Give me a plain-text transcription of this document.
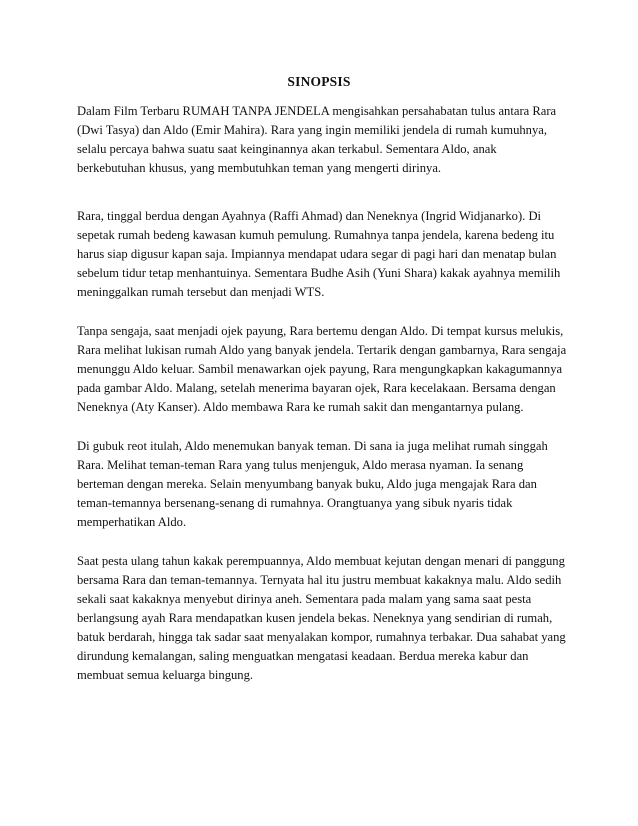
SINOPSIS
Dalam Film Terbaru RUMAH TANPA JENDELA mengisahkan persahabatan tulus antara Rara
(Dwi Tasya) dan Aldo (Emir Mahira). Rara yang ingin memiliki jendela di rumah kumuhnya,
selalu percaya bahwa suatu saat keinginannya akan terkabul. Sementara Aldo, anak
berkebutuhan khusus, yang membutuhkan teman yang mengerti dirinya.
Rara, tinggal berdua dengan Ayahnya (Raffi Ahmad) dan Neneknya (Ingrid Widjanarko). Di
sepetak rumah bedeng kawasan kumuh pemulung. Rumahnya tanpa jendela, karena bedeng itu
harus siap digusur kapan saja. Impiannya mendapat udara segar di pagi hari dan menatap bulan
sebelum tidur tetap menhantuinya. Sementara Budhe Asih (Yuni Shara) kakak ayahnya memilih
meninggalkan rumah tersebut dan menjadi WTS.
Tanpa sengaja, saat menjadi ojek payung, Rara bertemu dengan Aldo. Di tempat kursus melukis,
Rara melihat lukisan rumah Aldo yang banyak jendela. Tertarik dengan gambarnya, Rara sengaja
menunggu Aldo keluar. Sambil menawarkan ojek payung, Rara mengungkapkan kakagumannya
pada gambar Aldo. Malang, setelah menerima bayaran ojek, Rara kecelakaan. Bersama dengan
Neneknya (Aty Kanser). Aldo membawa Rara ke rumah sakit dan mengantarnya pulang.
Di gubuk reot itulah, Aldo menemukan banyak teman. Di sana ia juga melihat rumah singgah
Rara. Melihat teman-teman Rara yang tulus menjenguk, Aldo merasa nyaman. Ia senang
berteman dengan mereka. Selain menyumbang banyak buku, Aldo juga mengajak Rara dan
teman-temannya bersenang-senang di rumahnya. Orangtuanya yang sibuk nyaris tidak
memperhatikan Aldo.
Saat pesta ulang tahun kakak perempuannya, Aldo membuat kejutan dengan menari di panggung
bersama Rara dan teman-temannya. Ternyata hal itu justru membuat kakaknya malu. Aldo sedih
sekali saat kakaknya menyebut dirinya aneh. Sementara pada malam yang sama saat pesta
berlangsung ayah Rara mendapatkan kusen jendela bekas. Neneknya yang sendirian di rumah,
batuk berdarah, hingga tak sadar saat menyalakan kompor, rumahnya terbakar. Dua sahabat yang
dirundung kemalangan, saling menguatkan mengatasi keadaan. Berdua mereka kabur dan
membuat semua keluarga bingung.
